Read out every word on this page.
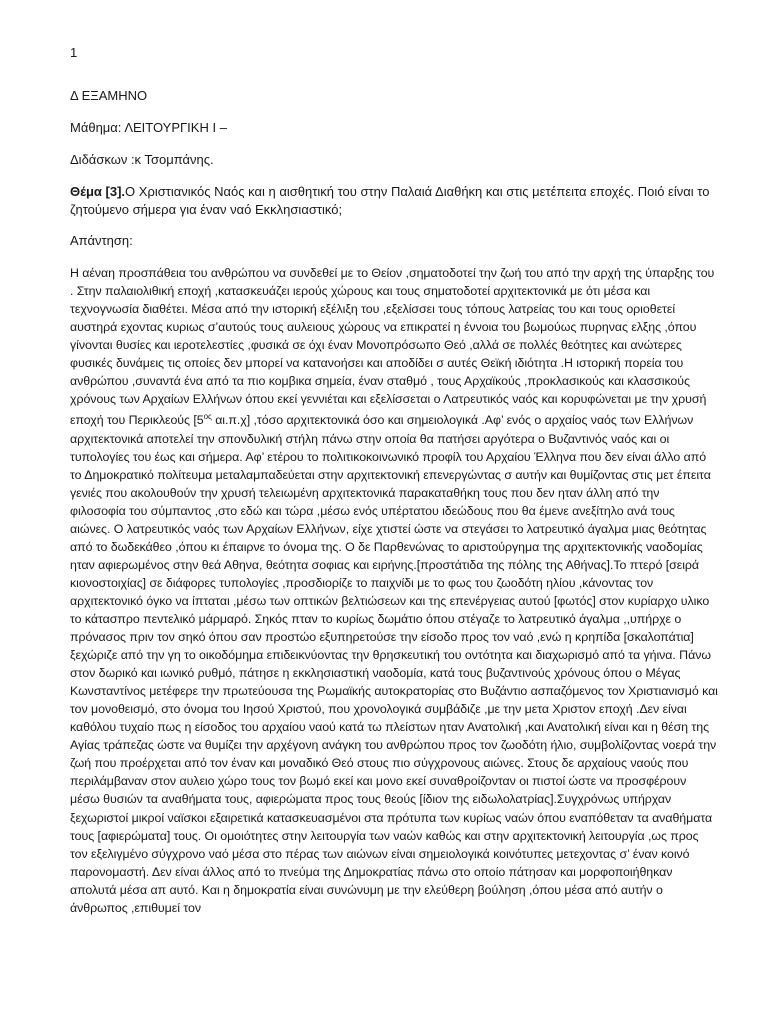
1
Δ ΕΞΑΜΗΝΟ
Μάθημα: ΛΕΙΤΟΥΡΓΙΚΗ Ι –
Διδάσκων :κ Τσομπάνης.
Θέμα [3].Ο Χριστιανικός Ναός και η αισθητική του στην Παλαιά Διαθήκη και στις μετέπειτα εποχές. Ποιό είναι το ζητούμενο σήμερα για έναν ναό Εκκλησιαστικό;
Απάντηση:

Η αέναη προσπάθεια του ανθρώπου να συνδεθεί με το Θείον ,σηματοδοτεί την ζωή του από την αρχή της ύπαρξης του . Στην παλαιολιθική εποχή ,κατασκευάζει ιερούς χώρους και τους σηματοδοτεί αρχιτεκτονικά με ότι μέσα και τεχνογνωσία διαθέτει. Μέσα από την ιστορική εξέλιξη του ,εξελίσσει τους τόπους λατρείας του και τους οριοθετεί αυστηρά εχοντας κυριως σ’αυτούς τους αυλειους χώρους να επικρατεί η έννοια του βωμούως πυρηνας ελξης ,όπου γίνονται θυσίες και ιεροτελεστίες ,φυσικά σε όχι έναν Μονοπρόσωπο Θεό ,αλλά σε πολλές θεότητες και ανώτερες φυσικές δυνάμεις τις οποίες δεν μπορεί να κατανοήσει και αποδίδει σ αυτές Θεϊκή ιδιότητα .Η ιστορική πορεία του ανθρώπου ,συναντά ένα από τα πιο κομβικα σημεία, έναν σταθμό , τους Αρχαϊκούς ,προκλασικούς και κλασσικούς χρόνους των Αρχαίων Ελλήνων όπου εκεί γεννιέται και εξελίσσεται ο Λατρευτικός ναός και κορυφώνεται με την χρυσή εποχή του Περικλεούς [$5^{o\varsigma}$ αι.π.χ] ,τόσο αρχιτεκτονικά όσο και σημειολογικά .Αφ’ ενός ο αρχαίος ναός των Ελλήνων αρχιτεκτονικά αποτελεί την σπονδυλική στήλη πάνω στην οποία θα πατήσει αργότερα ο Βυζαντινός ναός και οι τυπολογίες του έως και σήμερα. Αφ’ ετέρου το πολιτικοκοινωνικό προφίλ του Αρχαίου Έλληνα που δεν είναι άλλο από το Δημοκρατικό πολίτευμα μεταλαμπαδεύεται στην αρχιτεκτονική επενεργώντας σ αυτήν και θυμίζοντας στις μετ έπειτα γενιές που ακολουθούν την χρυσή τελειωμένη αρχιτεκτονικά παρακαταθήκη τους που δεν ηταν άλλη από την φιλοσοφία του σύμπαντος ,στο εδώ και τώρα ,μέσω ενός υπέρτατου ιδεώδους που θα έμενε ανεξίτηλο ανά τους αιώνες. Ο λατρευτικός ναός των Αρχαίων Ελλήνων, είχε χτιστεί ώστε να στεγάσει το λατρευτικό άγαλμα μιας θεότητας από το δωδεκάθεο ,όπου κι έπαιρνε το όνομα της. Ο δε Παρθενώνας το αριστούργημα της αρχιτεκτονικής ναοδομίας ηταν αφιερωμένος στην θεά Αθηνα, θεότητα σοφιας και ειρήνης.[προστάτιδα της πόλης της Αθήνας].Το πτερό [σειρά κιονοστοιχίας] σε διάφορες τυπολογίες ,προσδιορίζε το παιχνίδι με το φως του ζωοδότη ηλίου ,κάνοντας τον αρχιτεκτονικό όγκο να ίπταται ,μέσω των οπτικών βελτιώσεων και της επενέργειας αυτού [φωτός] στον κυρίαρχο υλικο το κάτασπρο πεντελικό μάρμαρό. Σηκός πταν το κυρίως δωμάτιο όπου στέγαζε το λατρευτικό άγαλμα ,,υπήρχε ο πρόνασος πριν τον σηκό όπου σαν προστώο εξυπηρετούσε την είσοδο προς τον ναό ,ενώ η κρηπίδα [σκαλοπάτια] ξεχώριζε από την γη το οικοδόμημα επιδεικνύοντας την θρησκευτική του οντότητα και διαχωρισμό από τα γήινα. Πάνω στον δωρικό και ιωνικό ρυθμό, πάτησε η εκκλησιαστική ναοδομία, κατά τους βυζαντινούς χρόνους όπου ο Μέγας Κωνσταντίνος μετέφερε την πρωτεύουσα της Ρωμαϊκής αυτοκρατορίας στο Βυζάντιο ασπαζόμενος τον Χριστιανισμό και τον μονοθεισμό, στο όνομα του Ιησού Χριστού, που χρονολογικά συμβάδιζε ,με την μετα Χριστον εποχή .Δεν είναι καθόλου τυχαίο πως η είσοδος του αρχαίου ναού κατά τω πλείστων ηταν Ανατολική ,και Ανατολική είναι και η θέση της Αγίας τράπεζας ώστε να θυμίζει την αρχέγονη ανάγκη του ανθρώπου προς τον ζωοδότη ήλιο, συμβολίζοντας νοερά την ζωή που προέρχεται από τον έναν και μοναδικό Θεό στους πιο σύγχρονους αιώνες. Στους δε αρχαίους ναούς που περιλάμβαναν στον αυλειο χώρο τους τον βωμό εκεί και μονο εκεί συναθροίζονταν οι πιστοί ώστε να προσφέρουν μέσω θυσιών τα αναθήματα τους, αφιερώματα προς τους θεούς [ίδιον της ειδωλολατρίας].Συγχρόνως υπήρχαν ξεχωριστοί μικροί ναϊσκοι εξαιρετικά κατασκευασμένοι στα πρότυπα των κυρίως ναών όπου εναπόθεταν τα αναθήματα τους [αφιερώματα] τους. Οι ομοιότητες στην λειτουργία των ναών καθώς και στην αρχιτεκτονική λειτουργία ,ως προς τον εξελιγμένο σύγχρονο ναό μέσα στο πέρας των αιώνων είναι σημειολογικά κοινότυπες μετεχοντας σ’ έναν κοινό παρονομαστή. Δεν είναι άλλος από το πνεύμα της Δημοκρατίας πάνω στο οποίο πάτησαν και μορφοποιήθηκαν απολυτά μέσα απ αυτό. Και η δημοκρατία είναι συνώνυμη με την ελεύθερη βούληση ,όπου μέσα από αυτήν ο άνθρωπος ,επιθυμεί τον
